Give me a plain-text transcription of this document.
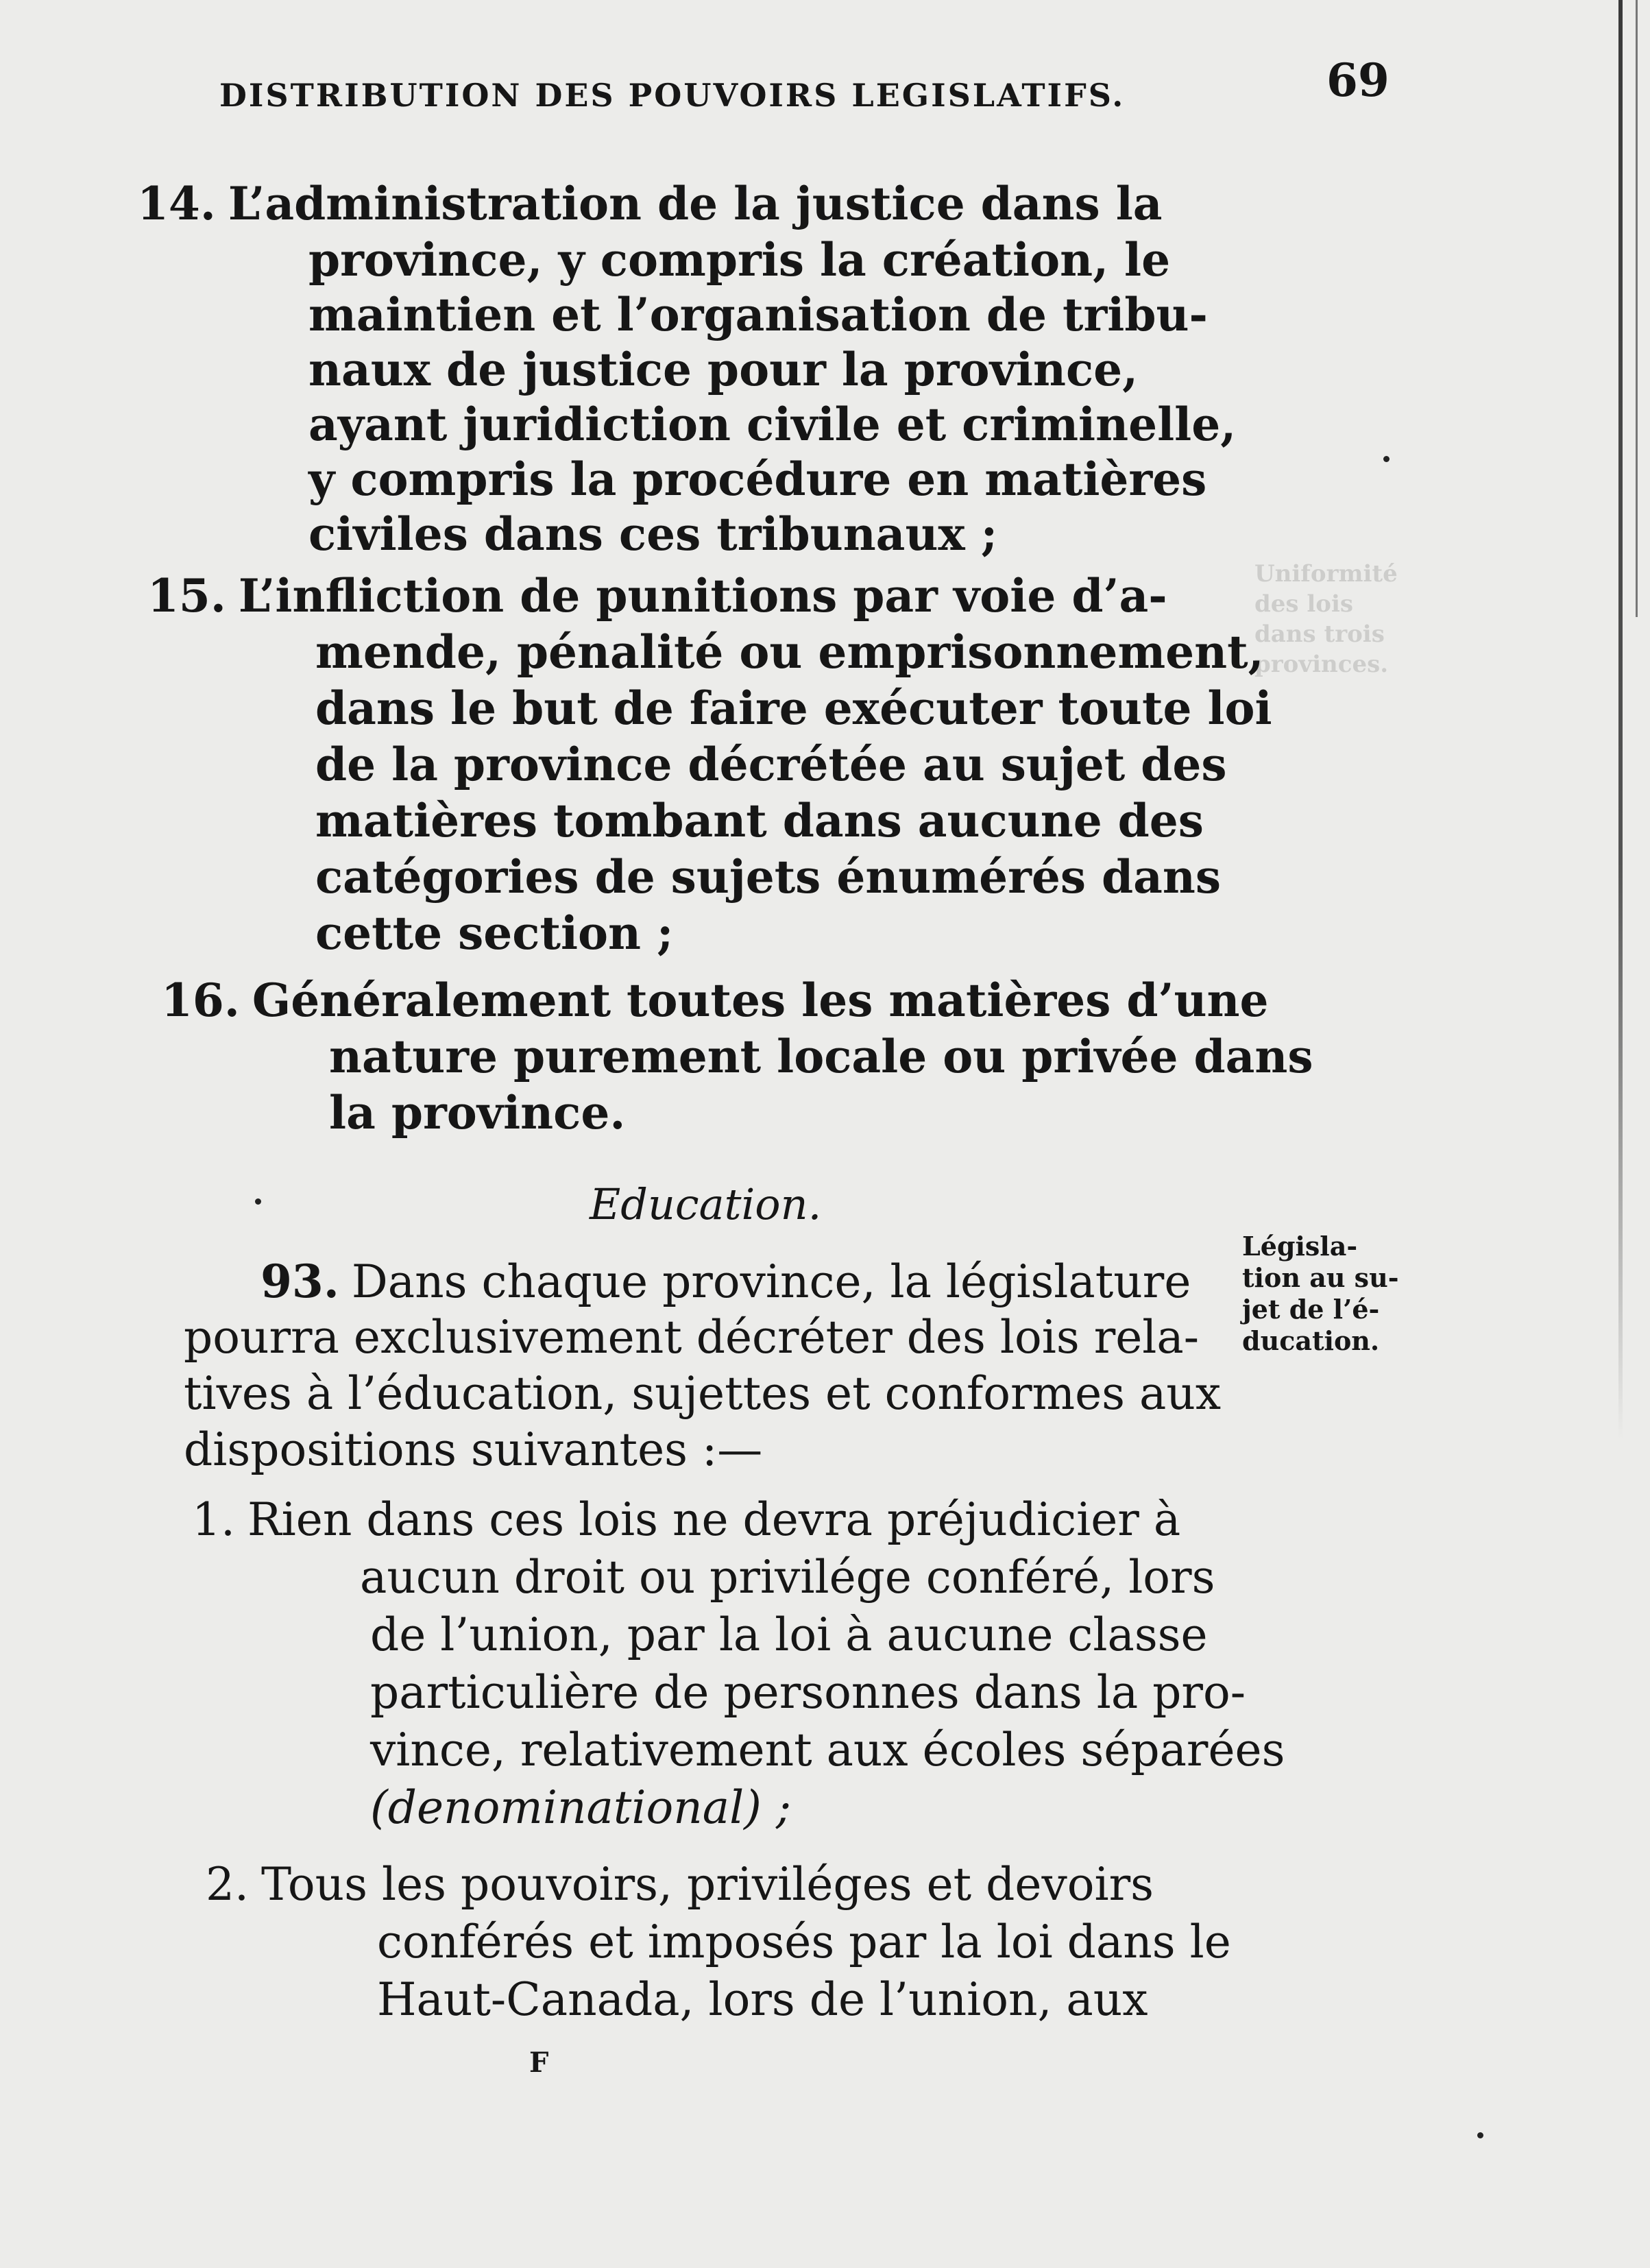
Uniformité
des lois
dans trois
provinces.
DISTRIBUTION DES POUVOIRS LEGISLATIFS.	69
14. L’administration de la justice dans la
province, y compris la création, le
maintien et l’organisation de tribu-
naux de justice pour la province,
ayant juridiction civile et criminelle,
y compris la procédure en matières
civiles dans ces tribunaux ;
15. L’infliction de punitions par voie d’a-
mende, pénalité ou emprisonnement,
dans le but de faire exécuter toute loi
de la province décrétée au sujet des
matières tombant dans aucune des
catégories de sujets énumérés dans
cette section ;
16. Généralement toutes les matières d’une
nature purement locale ou privée dans
la province.
Education.
93. Dans chaque province, la législature
pourra exclusivement décréter des lois rela-
tives à l’éducation, sujettes et conformes aux
dispositions suivantes :—
Législa-
tion au su-
jet de l’é-
ducation.
1. Rien dans ces lois ne devra préjudicier à
aucun droit ou privilége conféré, lors
de l’union, par la loi à aucune classe
particulière de personnes dans la pro-
vince, relativement aux écoles séparées
(denominational) ;
2. Tous les pouvoirs, priviléges et devoirs
conférés et imposés par la loi dans le
Haut-Canada, lors de l’union, aux
F
